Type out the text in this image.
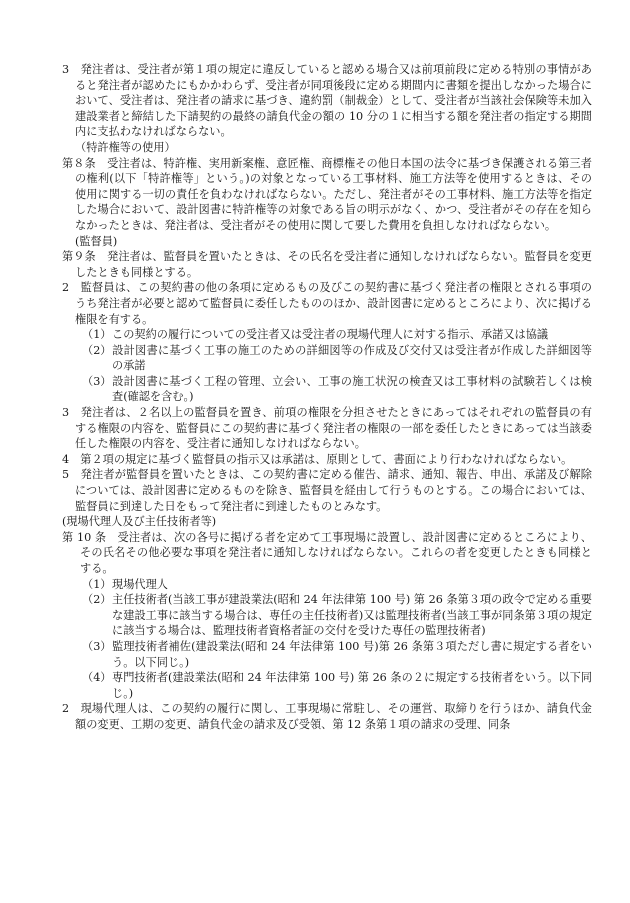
3　発注者は、受注者が第１項の規定に違反していると認める場合又は前項前段に定める特別の事情があると発注者が認めたにもかかわらず、受注者が同項後段に定める期間内に書類を提出しなかった場合において、受注者は、発注者の請求に基づき、違約罰（制裁金）として、受注者が当該社会保険等未加入建設業者と締結した下請契約の最終の請負代金の額の 10 分の１に相当する額を発注者の指定する期間内に支払わなければならない。

（特許権等の使用）

第８条　受注者は、特許権、実用新案権、意匠権、商標権その他日本国の法令に基づき保護される第三者の権利(以下「特許権等」という。)の対象となっている工事材料、施工方法等を使用するときは、その使用に関する一切の責任を負わなければならない。ただし、発注者がその工事材料、施工方法等を指定した場合において、設計図書に特許権等の対象である旨の明示がなく、かつ、受注者がその存在を知らなかったときは、発注者は、受注者がその使用に関して要した費用を負担しなければならない。

(監督員)

第９条　発注者は、監督員を置いたときは、その氏名を受注者に通知しなければならない。監督員を変更したときも同様とする。

2　監督員は、この契約書の他の条項に定めるもの及びこの契約書に基づく発注者の権限とされる事項のうち発注者が必要と認めて監督員に委任したもののほか、設計図書に定めるところにより、次に掲げる権限を有する。

（1）この契約の履行についての受注者又は受注者の現場代理人に対する指示、承諾又は協議

（2）設計図書に基づく工事の施工のための詳細図等の作成及び交付又は受注者が作成した詳細図等の承諾

（3）設計図書に基づく工程の管理、立会い、工事の施工状況の検査又は工事材料の試験若しくは検査(確認を含む。)

3　発注者は、２名以上の監督員を置き、前項の権限を分担させたときにあってはそれぞれの監督員の有する権限の内容を、監督員にこの契約書に基づく発注者の権限の一部を委任したときにあっては当該委任した権限の内容を、受注者に通知しなければならない。

4　第２項の規定に基づく監督員の指示又は承諾は、原則として、書面により行わなければならない。

5　発注者が監督員を置いたときは、この契約書に定める催告、請求、通知、報告、申出、承諾及び解除については、設計図書に定めるものを除き、監督員を経由して行うものとする。この場合においては、監督員に到達した日をもって発注者に到達したものとみなす。

(現場代理人及び主任技術者等)

第 10 条　受注者は、次の各号に掲げる者を定めて工事現場に設置し、設計図書に定めるところにより、その氏名その他必要な事項を発注者に通知しなければならない。これらの者を変更したときも同様とする。

（1）現場代理人

（2）主任技術者(当該工事が建設業法(昭和 24 年法律第 100 号) 第 26 条第３項の政令で定める重要な建設工事に該当する場合は、専任の主任技術者)又は監理技術者(当該工事が同条第３項の規定に該当する場合は、監理技術者資格者証の交付を受けた専任の監理技術者)

（3）監理技術者補佐(建設業法(昭和 24 年法律第 100 号)第 26 条第３項ただし書に規定する者をいう。以下同じ。)

（4）専門技術者(建設業法(昭和 24 年法律第 100 号) 第 26 条の２に規定する技術者をいう。以下同じ。)

2　現場代理人は、この契約の履行に関し、工事現場に常駐し、その運営、取締りを行うほか、請負代金額の変更、工期の変更、請負代金の請求及び受領、第 12 条第１項の請求の受理、同条
